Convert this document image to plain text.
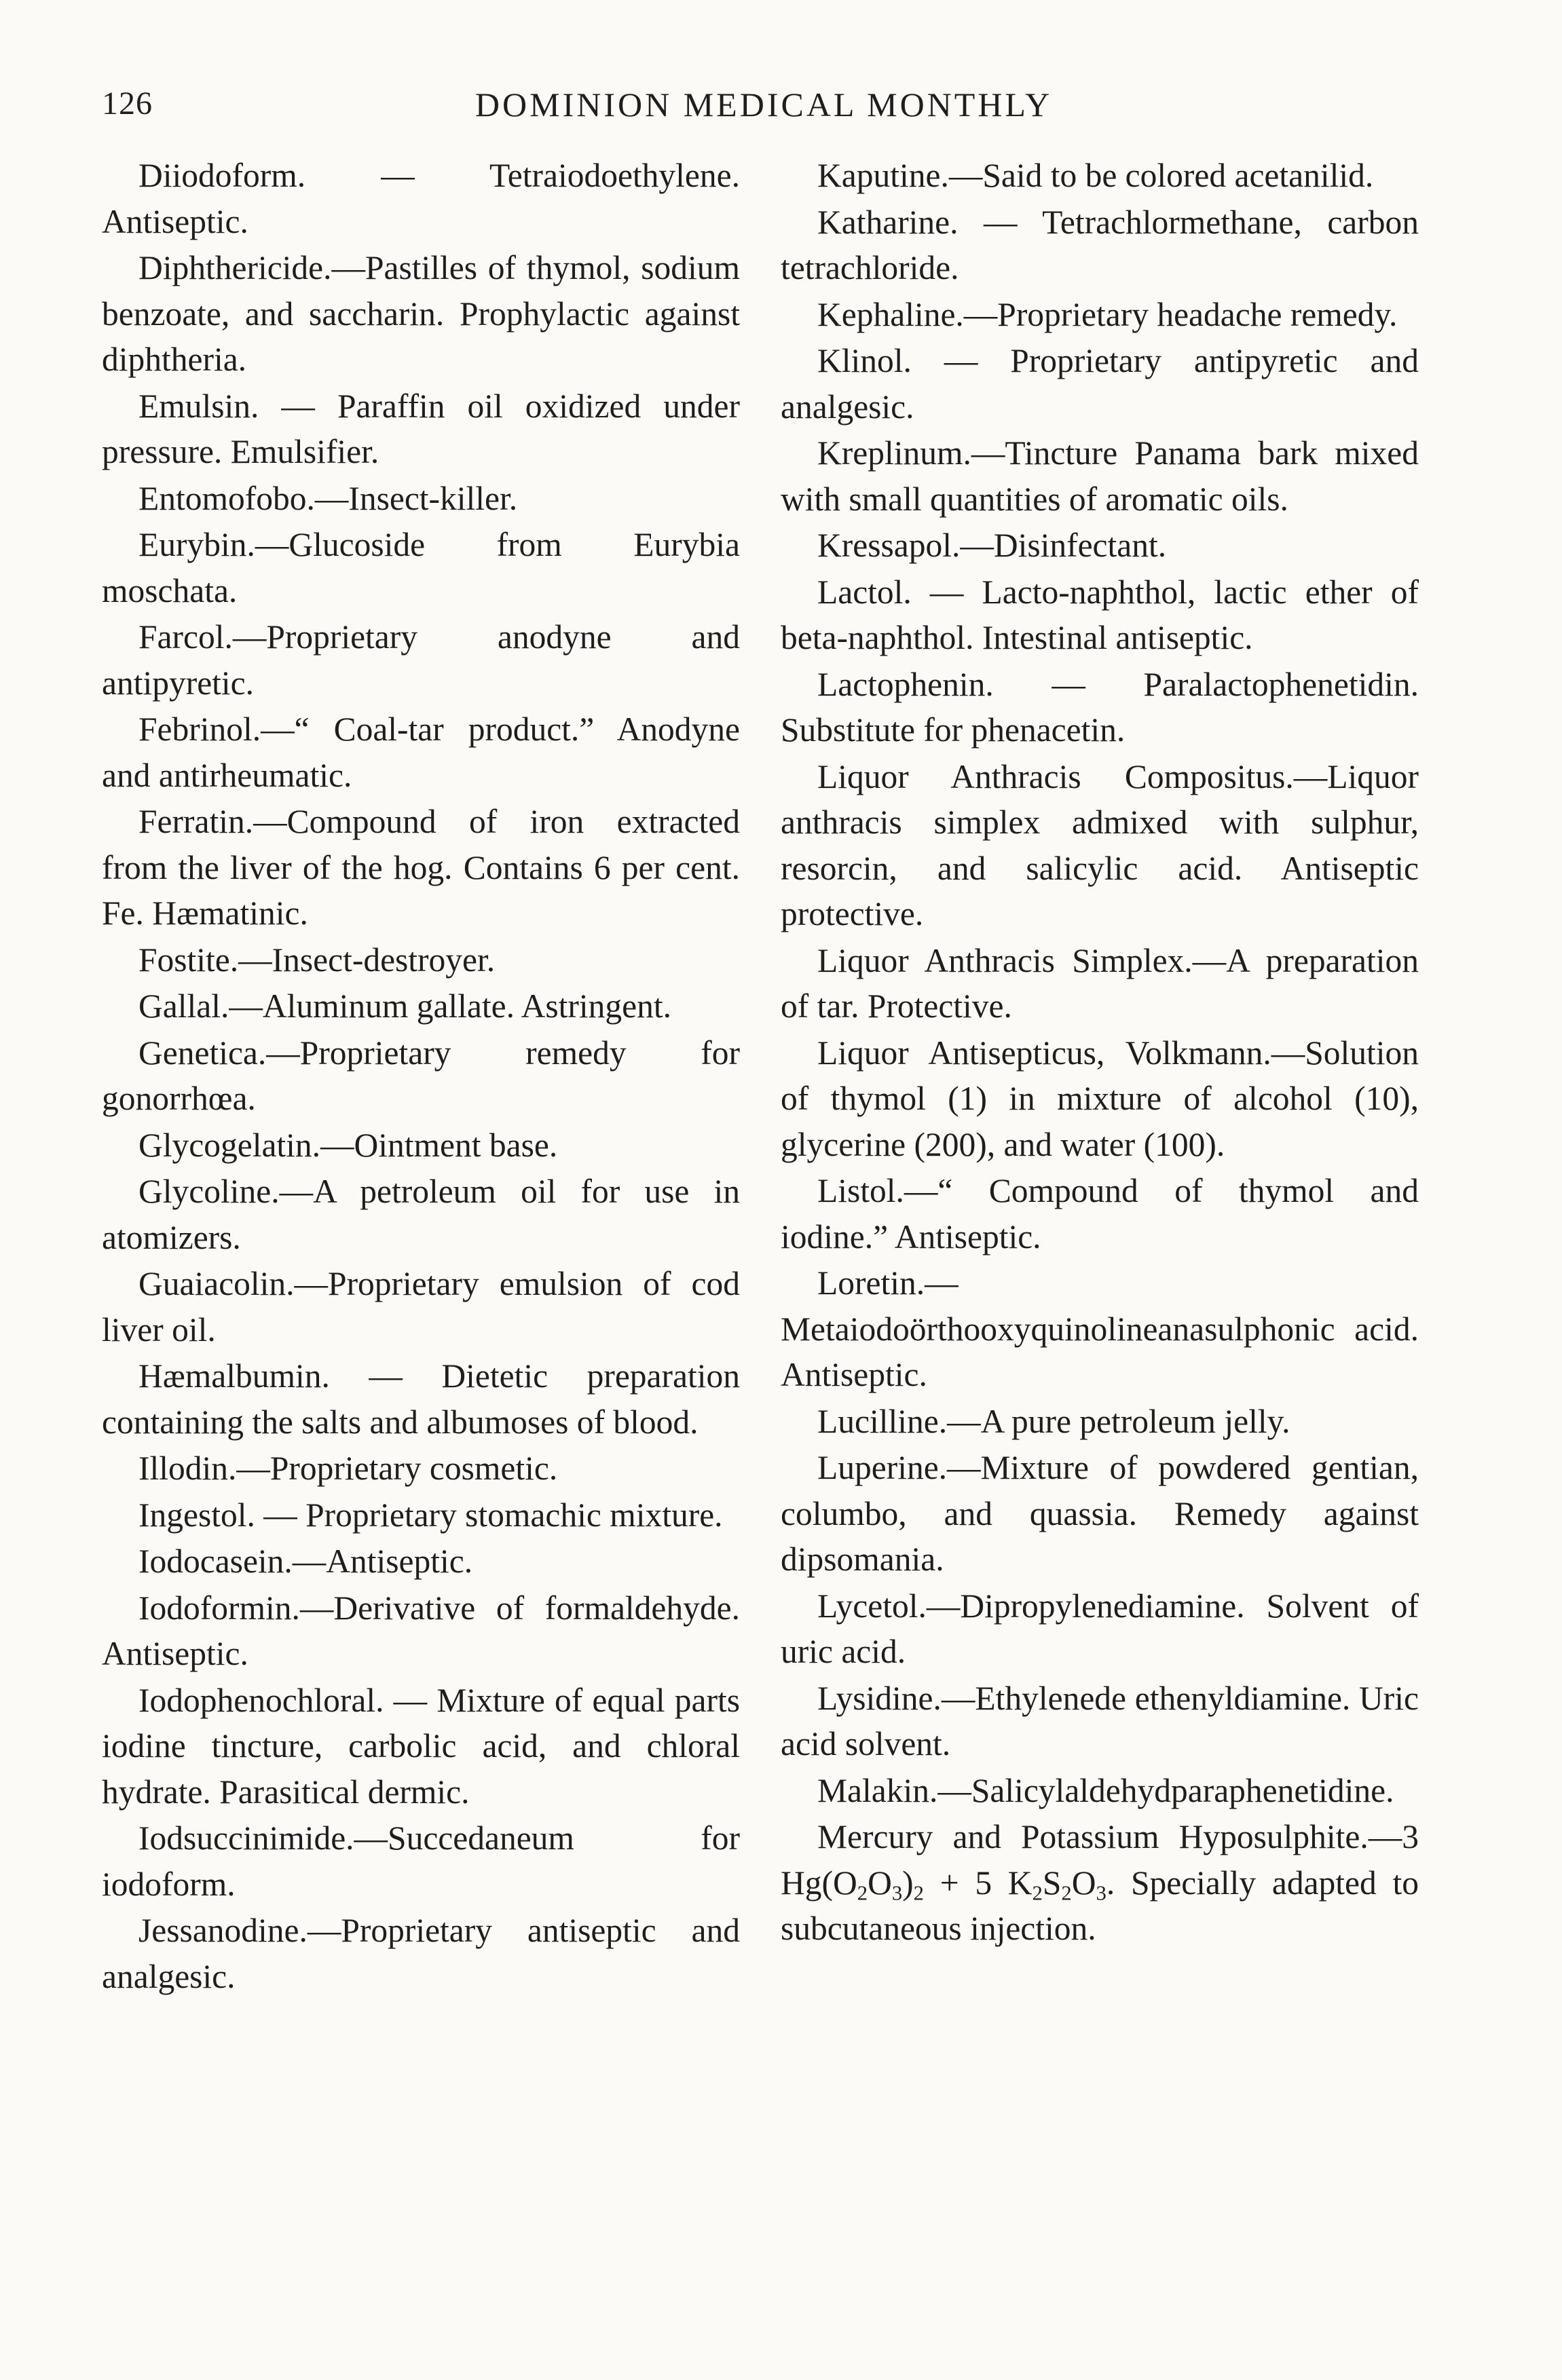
126	DOMINION MEDICAL MONTHLY

Diiodoform. — Tetraiodoethylene. Antiseptic.

Diphthericide.—Pastilles of thymol, sodium benzoate, and saccharin. Prophylactic against diphtheria.

Emulsin. — Paraffin oil oxidized under pressure. Emulsifier.

Entomofobo.—Insect-killer.

Eurybin.—Glucoside from Eurybia moschata.

Farcol.—Proprietary anodyne and antipyretic.

Febrinol.—“ Coal-tar product.” Anodyne and antirheumatic.

Ferratin.—Compound of iron extracted from the liver of the hog. Contains 6 per cent. Fe. Hæmatinic.

Fostite.—Insect-destroyer.

Gallal.—Aluminum gallate. Astringent.

Genetica.—Proprietary remedy for gonorrhœa.

Glycogelatin.—Ointment base.

Glycoline.—A petroleum oil for use in atomizers.

Guaiacolin.—Proprietary emulsion of cod liver oil.

Hæmalbumin. — Dietetic preparation containing the salts and albumoses of blood.

Illodin.—Proprietary cosmetic.

Ingestol. — Proprietary stomachic mixture.

Iodocasein.—Antiseptic.

Iodoformin.—Derivative of formaldehyde. Antiseptic.

Iodophenochloral. — Mixture of equal parts iodine tincture, carbolic acid, and chloral hydrate. Parasitical dermic.

Iodsuccinimide.—Succedaneum for iodoform.

Jessanodine.—Proprietary antiseptic and analgesic.

Kaputine.—Said to be colored acetanilid.

Katharine. — Tetrachlormethane, carbon tetrachloride.

Kephaline.—Proprietary headache remedy.

Klinol. — Proprietary antipyretic and analgesic.

Kreplinum.—Tincture Panama bark mixed with small quantities of aromatic oils.

Kressapol.—Disinfectant.

Lactol. — Lacto-naphthol, lactic ether of beta-naphthol. Intestinal antiseptic.

Lactophenin. — Paralactophenetidin. Substitute for phenacetin.

Liquor Anthracis Compositus.—Liquor anthracis simplex admixed with sulphur, resorcin, and salicylic acid. Antiseptic protective.

Liquor Anthracis Simplex.—A preparation of tar. Protective.

Liquor Antisepticus, Volkmann.—Solution of thymol (1) in mixture of alcohol (10), glycerine (200), and water (100).

Listol.—“ Compound of thymol and iodine.” Antiseptic.

Loretin.—Metaiodoörthooxyquinolineanasulphonic acid. Antiseptic.

Lucilline.—A pure petroleum jelly.

Luperine.—Mixture of powdered gentian, columbo, and quassia. Remedy against dipsomania.

Lycetol.—Dipropylenediamine. Solvent of uric acid.

Lysidine.—Ethylenede ethenyldiamine. Uric acid solvent.

Malakin.—Salicylaldehydparaphenetidine.

Mercury and Potassium Hyposulphite.—3 $Hg(O_2O_3)_2 + 5$ $K_2S_2O_3$. Specially adapted to subcutaneous injection.
